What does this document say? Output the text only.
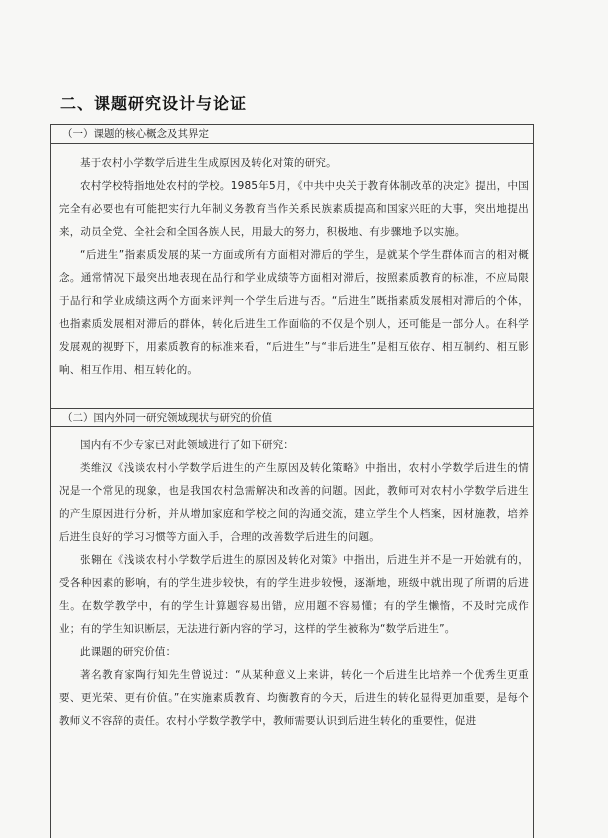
二、课题研究设计与论证
（一）课题的核心概念及其界定

基于农村小学数学后进生生成原因及转化对策的研究。

农村学校特指地处农村的学校。1985年5月，《中共中央关于教育体制改革的决定》提出，中国完全有必要也有可能把实行九年制义务教育当作关系民族素质提高和国家兴旺的大事，突出地提出来，动员全党、全社会和全国各族人民，用最大的努力，积极地、有步骤地予以实施。

“后进生”指素质发展的某一方面或所有方面相对滞后的学生，是就某个学生群体而言的相对概念。通常情况下最突出地表现在品行和学业成绩等方面相对滞后，按照素质教育的标准，不应局限于品行和学业成绩这两个方面来评判一个学生后进与否。“后进生”既指素质发展相对滞后的个体，也指素质发展相对滞后的群体，转化后进生工作面临的不仅是个别人，还可能是一部分人。在科学发展观的视野下，用素质教育的标准来看，“后进生”与“非后进生”是相互依存、相互制约、相互影响、相互作用、相互转化的。

（二）国内外同一研究领域现状与研究的价值

国内有不少专家已对此领域进行了如下研究：

类维汉《浅谈农村小学数学后进生的产生原因及转化策略》中指出，农村小学数学后进生的情况是一个常见的现象，也是我国农村急需解决和改善的问题。因此，教师可对农村小学数学后进生的产生原因进行分析，并从增加家庭和学校之间的沟通交流，建立学生个人档案，因材施教，培养后进生良好的学习习惯等方面入手，合理的改善数学后进生的问题。

张翱在《浅谈农村小学数学后进生的原因及转化对策》中指出，后进生并不是一开始就有的，受各种因素的影响，有的学生进步较快，有的学生进步较慢，逐渐地，班级中就出现了所谓的后进生。在数学教学中，有的学生计算题容易出错，应用题不容易懂；有的学生懒惰，不及时完成作业；有的学生知识断层，无法进行新内容的学习，这样的学生被称为“数学后进生”。

此课题的研究价值：

著名教育家陶行知先生曾说过：“从某种意义上来讲，转化一个后进生比培养一个优秀生更重要、更光荣、更有价值。”在实施素质教育、均衡教育的今天，后进生的转化显得更加重要，是每个教师义不容辞的责任。农村小学数学教学中，教师需要认识到后进生转化的重要性，促进
